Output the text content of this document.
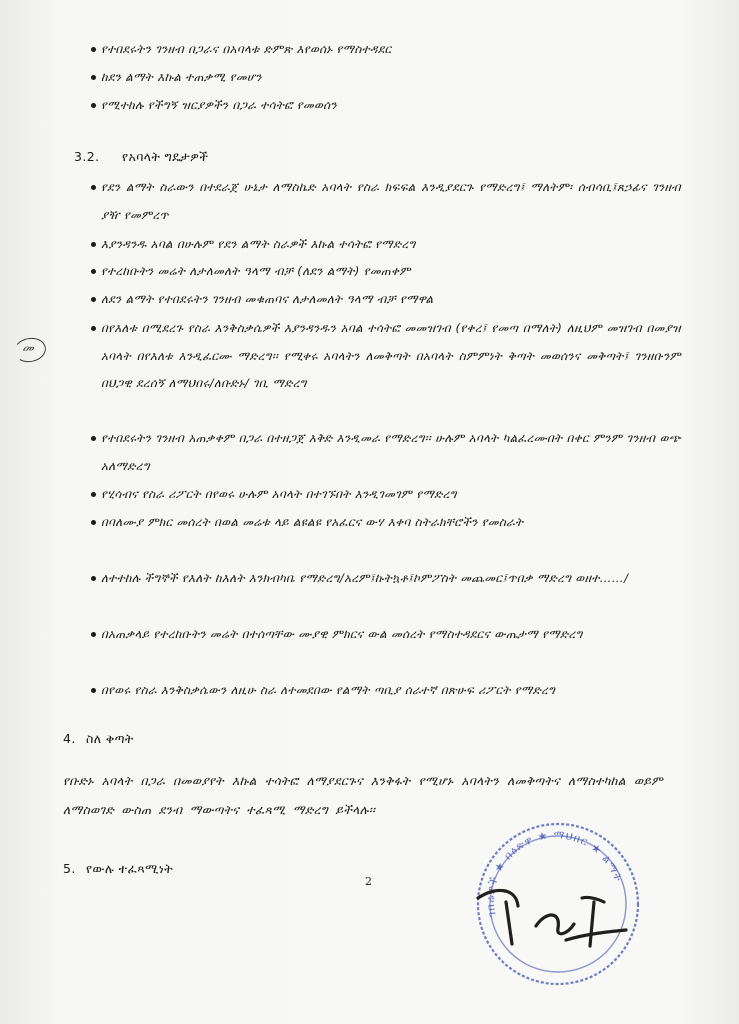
መ
የተበደሩትን ገንዘብ በጋራና በአባላቱ ድምጽ እየወሰኑ የማስተዳደር
ከደን ልማት እኩል ተጠቃሚ የመሆን
የሚተከሉ የችግኝ ዝርያዎችን በጋራ ተሳትፎ የመወሰን
3.2. የአባላት ግዴታዎች
የደን ልማት ስራውን በተደራጀ ሁኔታ ለማስኬድ አባላት የስራ ክፍፍል እንዲያደርጉ የማድረግ፤ ማለትም፡ ሰብሳቢ፤ጸኃፊና ገንዘብ ያዥ የመምረጥ
እያንዳንዱ አባል በሁሉም የደን ልማት ስራዎች እኩል ተሳትፎ የማድረግ
የተረከቡትን መሬት ለታለመለት ዓላማ ብቻ (ለደን ልማት) የመጠቀም
ለደን ልማት የተበደሩትን ገንዘብ መቁጠባና ለታለመለት ዓላማ ብቻ የማዋል
በየእለቱ በሚደረጉ የስራ እንቅስቃሴዎች እያንዳንዱን አባል ተሳትፎ መመዝገብ (የቀረ፤ የመጣ በማለት) ለዚህም መዝገብ በመያዝ አባላት በየእለቱ እንዲፈርሙ ማድረግ፡፡ የሚቀሩ አባላትን ለመቅጣት በአባላት ስምምነት ቅጣት መወሰንና መቅጣት፤ ገንዘቡንም በህጋዊ ደረሰኝ ለማህበሩ/ለቡድኑ/ ገቢ ማድረግ
የተበደሩትን ገንዘብ አጠቃቀም በጋራ በተዘጋጀ እቅድ እንዲመራ የማድረግ፡፡ ሁሉም አባላት ካልፈረሙበት በቀር ምንም ገንዘብ ወጭ አለማድረግ
የሂሳብና የስራ ሪፖርት በየወሩ ሁሉም አባላት በተገኙበት እንዲገመገም የማድረግ
በባለሙያ ምክር መሰረት በወል መሬቱ ላይ ልዩልዩ የአፈርና ውሃ እቀባ ስትራክቸሮችን የመስራት
ለተተከሉ ችግኞች የእለት ከእለት እንክብካቤ የማድረግ/አረም፤ኩትኳቶ፤ኮምፖስት መጨመር፤ጥበቃ ማድረግ ወዘተ……/
በአጠቃላይ የተረከቡትን መሬት በተሰጣቸው ሙያዊ ምክርና ውል መሰረት የማስተዳደርና ውጤታማ የማድረግ
በየወሩ የስራ እንቅስቃሴውን ለዚሁ ስራ ለተመደበው የልማት ጣቢያ ሰራተኛ በጽሁፍ ሪፖርት የማድረግ
4. ስለ ቅጣት
የቡድኑ አባላት በጋራ በመወያየት እኩል ተሳትፎ ለማያደርጉና እንቅፋት የሚሆኑ አባላትን ለመቅጣትና ለማስተካከል ወይም ለማስወገድ ውስጠ ደንብ ማውጣትና ተፈጻሚ ማድረግ ይችላሉ፡፡
5. የውሉ ተፈጻሚነት
2
ገበሬዎች ★ በዕጽዋ ★ ማህበር ★ ልማት
